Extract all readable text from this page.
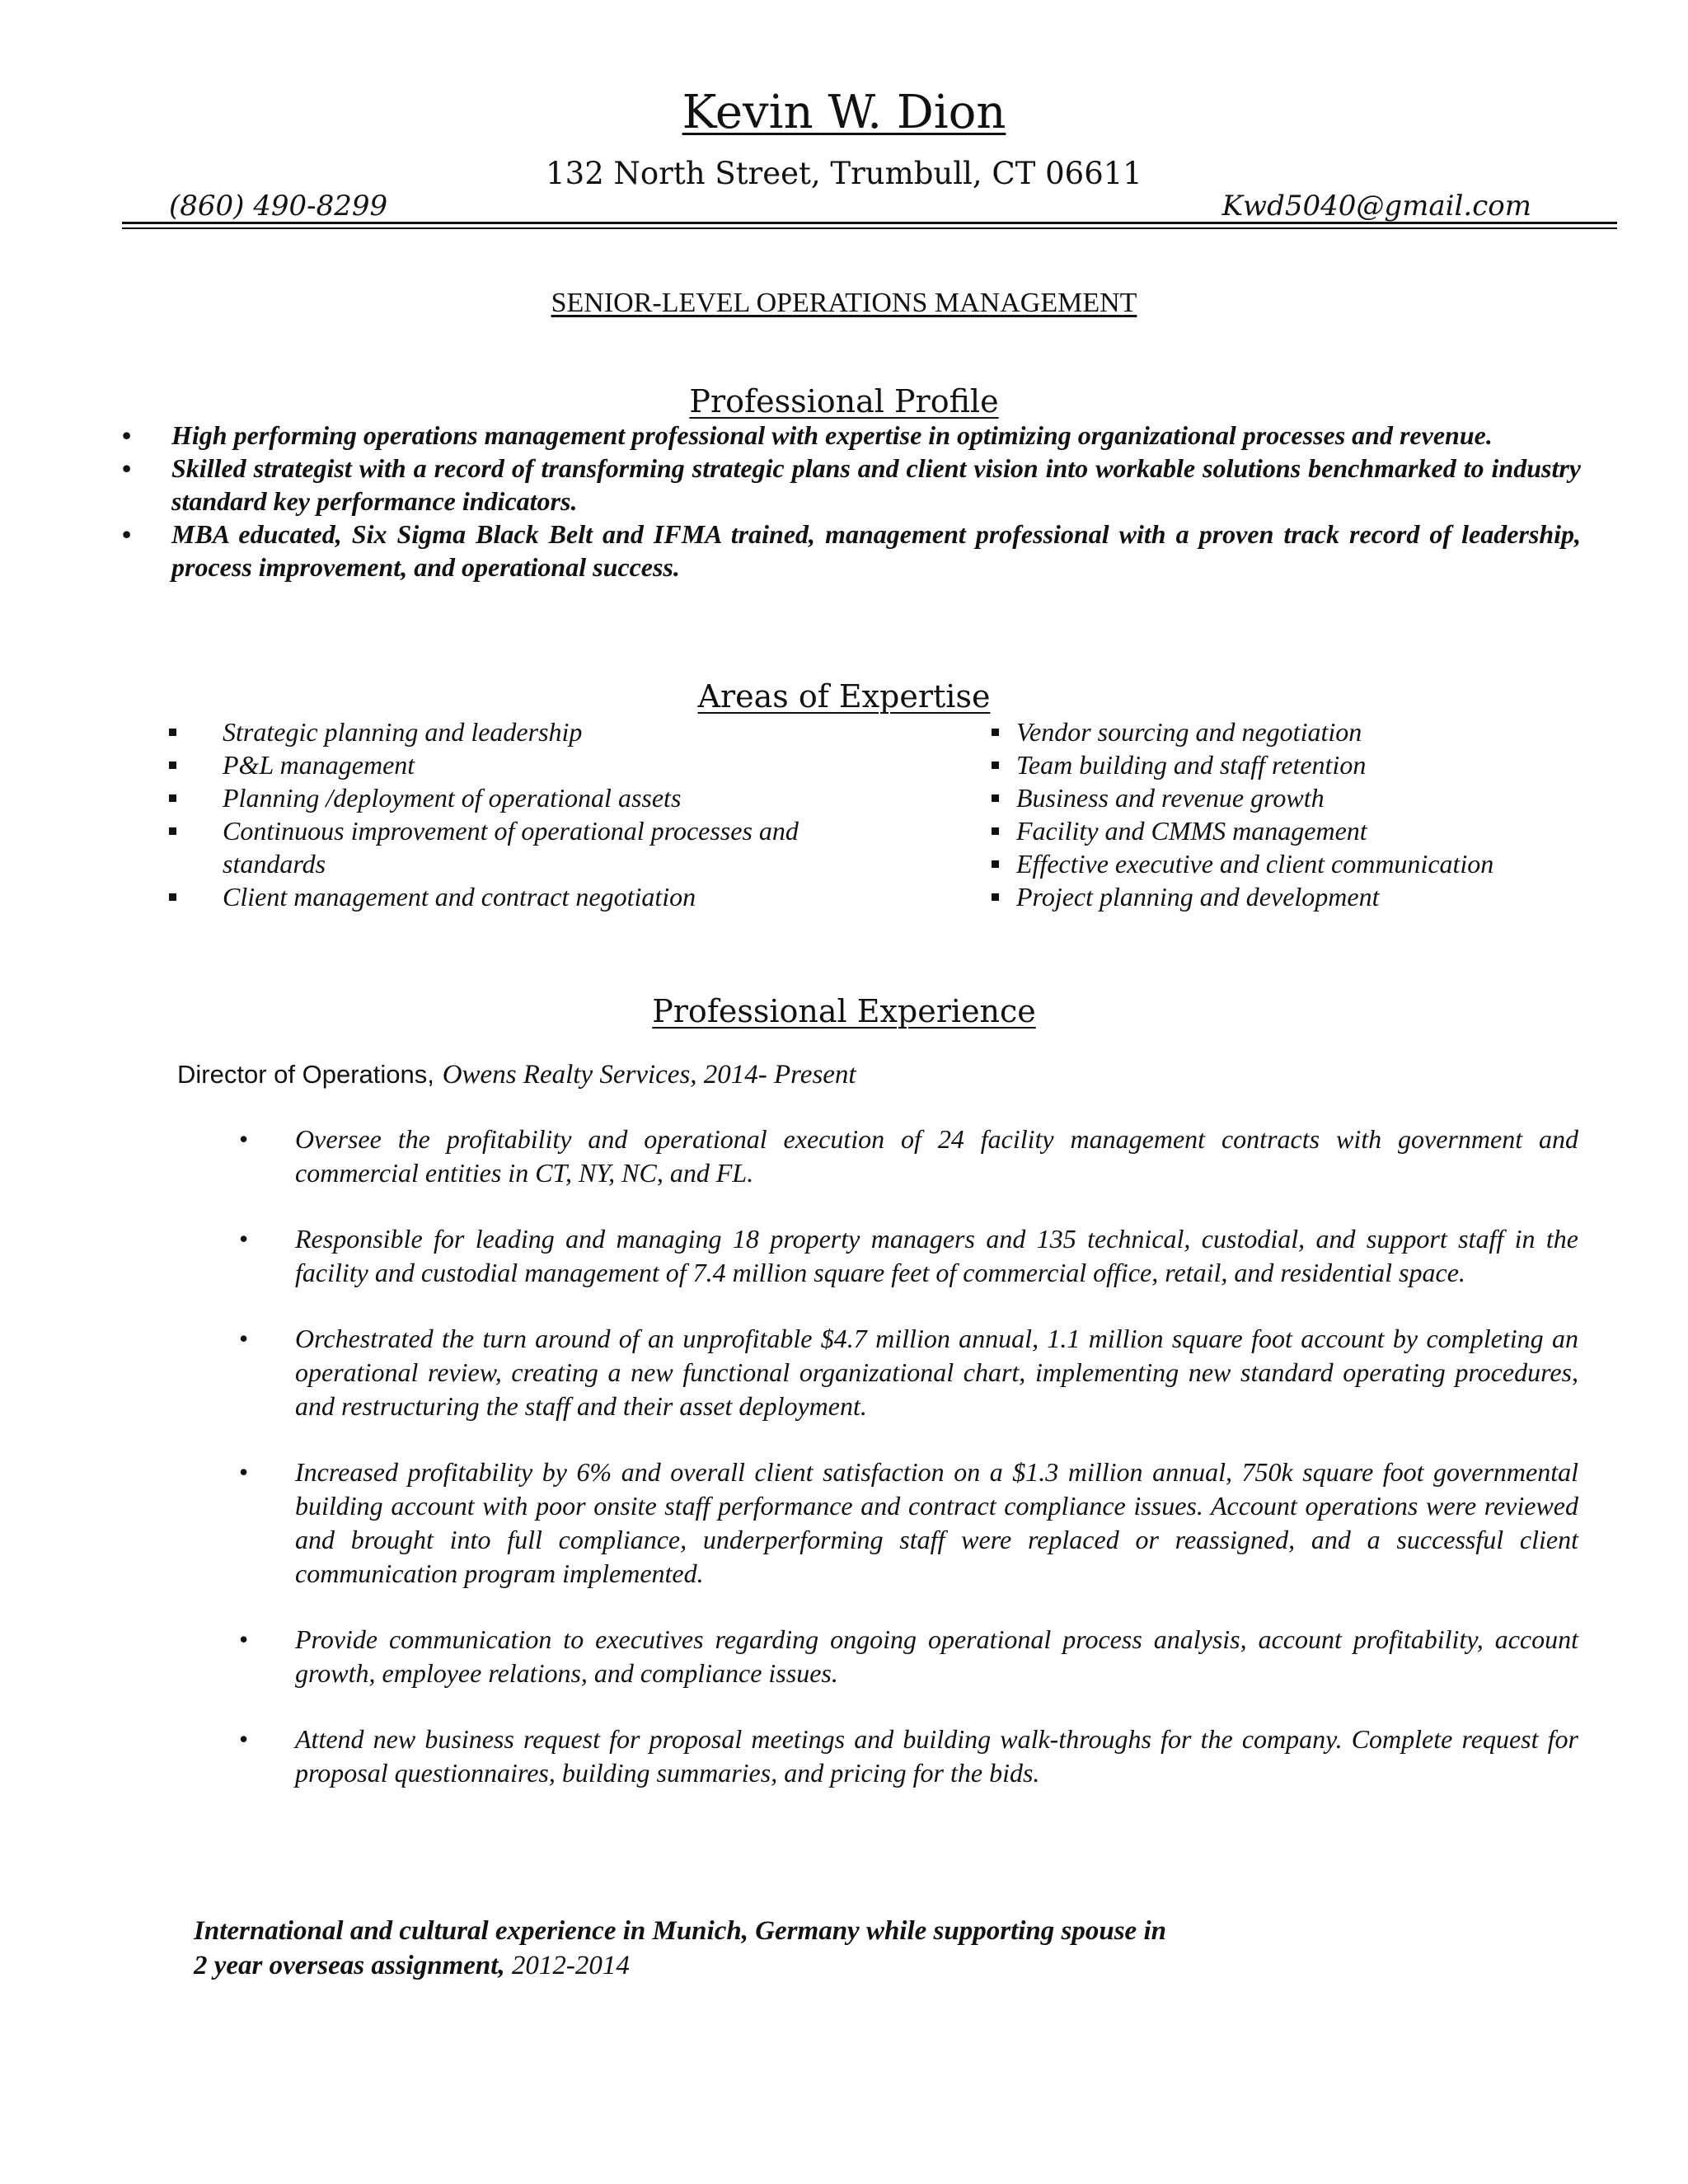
Kevin W. Dion
132 North Street, Trumbull, CT 06611
(860) 490-8299	Kwd5040@gmail.com
SENIOR-LEVEL OPERATIONS MANAGEMENT
Professional Profile
• High performing operations management professional with expertise in optimizing organizational processes and revenue.
• Skilled strategist with a record of transforming strategic plans and client vision into workable solutions benchmarked to industry standard key performance indicators.
• MBA educated, Six Sigma Black Belt and IFMA trained, management professional with a proven track record of leadership, process improvement, and operational success.
Areas of Expertise
Strategic planning and leadership
P&L management
Planning /deployment of operational assets
Continuous improvement of operational processes and standards
Client management and contract negotiation
Vendor sourcing and negotiation
Team building and staff retention
Business and revenue growth
Facility and CMMS management
Effective executive and client communication
Project planning and development
Professional Experience
Director of Operations, Owens Realty Services, 2014- Present
• Oversee the profitability and operational execution of 24 facility management contracts with government and commercial entities in CT, NY, NC, and FL.
• Responsible for leading and managing 18 property managers and 135 technical, custodial, and support staff in the facility and custodial management of 7.4 million square feet of commercial office, retail, and residential space.
• Orchestrated the turn around of an unprofitable $4.7 million annual, 1.1 million square foot account by completing an operational review, creating a new functional organizational chart, implementing new standard operating procedures, and restructuring the staff and their asset deployment.
• Increased profitability by 6% and overall client satisfaction on a $1.3 million annual, 750k square foot governmental building account with poor onsite staff performance and contract compliance issues. Account operations were reviewed and brought into full compliance, underperforming staff were replaced or reassigned, and a successful client communication program implemented.
• Provide communication to executives regarding ongoing operational process analysis, account profitability, account growth, employee relations, and compliance issues.
• Attend new business request for proposal meetings and building walk-throughs for the company. Complete request for proposal questionnaires, building summaries, and pricing for the bids.
International and cultural experience in Munich, Germany while supporting spouse in
2 year overseas assignment, 2012-2014
